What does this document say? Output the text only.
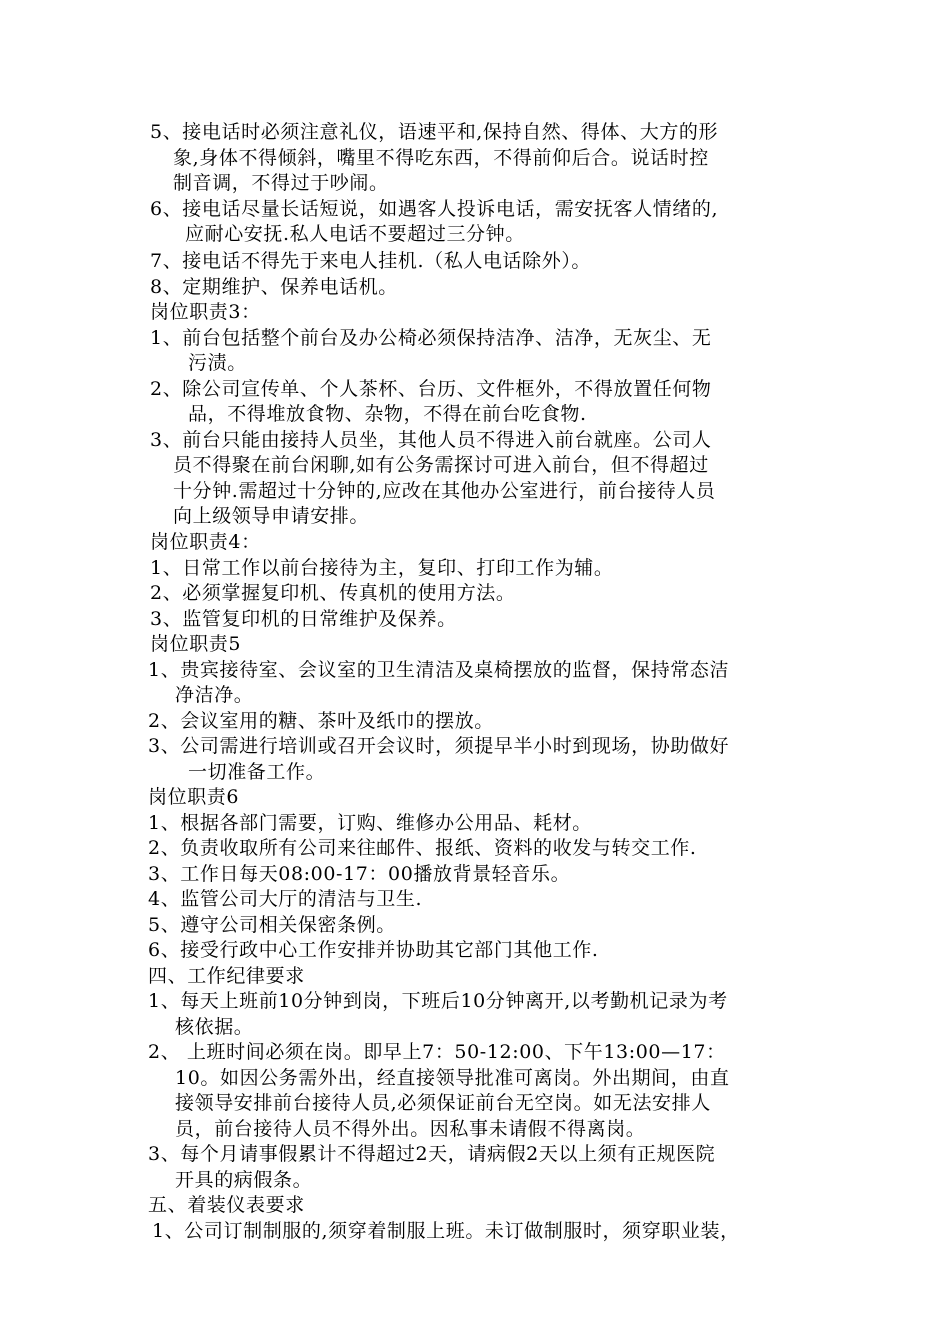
5、接电话时必须注意礼仪，语速平和,保持自然、得体、大方的形
象,身体不得倾斜，嘴里不得吃东西，不得前仰后合。说话时控
制音调，不得过于吵闹。
6、接电话尽量长话短说，如遇客人投诉电话，需安抚客人情绪的,
应耐心安抚.私人电话不要超过三分钟。
7、接电话不得先于来电人挂机.（私人电话除外）。
8、定期维护、保养电话机。
岗位职责3：
1、前台包括整个前台及办公椅必须保持洁净、洁净，无灰尘、无
污渍。
2、除公司宣传单、个人茶杯、台历、文件框外，不得放置任何物
品，不得堆放食物、杂物，不得在前台吃食物.
3、前台只能由接持人员坐，其他人员不得进入前台就座。公司人
员不得聚在前台闲聊,如有公务需探讨可进入前台，但不得超过
十分钟.需超过十分钟的,应改在其他办公室进行，前台接待人员
向上级领导申请安排。
岗位职责4：
1、日常工作以前台接待为主，复印、打印工作为辅。
2、必须掌握复印机、传真机的使用方法。
3、监管复印机的日常维护及保养。
岗位职责5
1、贵宾接待室、会议室的卫生清洁及桌椅摆放的监督，保持常态洁
净洁净。
2、会议室用的糖、茶叶及纸巾的摆放。
3、公司需进行培训或召开会议时，须提早半小时到现场，协助做好
一切准备工作。
岗位职责6
1、根据各部门需要，订购、维修办公用品、耗材。
2、负责收取所有公司来往邮件、报纸、资料的收发与转交工作.
3、工作日每天08:00-17：00播放背景轻音乐。
4、监管公司大厅的清洁与卫生.
5、遵守公司相关保密条例。
6、接受行政中心工作安排并协助其它部门其他工作.
四、工作纪律要求
1、每天上班前10分钟到岗，下班后10分钟离开,以考勤机记录为考
核依据。
2、 上班时间必须在岗。即早上7：50-12:00、下午13:00—17：
10。如因公务需外出，经直接领导批准可离岗。外出期间，由直
接领导安排前台接待人员,必须保证前台无空岗。如无法安排人
员，前台接待人员不得外出。因私事未请假不得离岗。
3、每个月请事假累计不得超过2天，请病假2天以上须有正规医院
开具的病假条。
五、着装仪表要求
1、公司订制制服的,须穿着制服上班。未订做制服时，须穿职业装，
